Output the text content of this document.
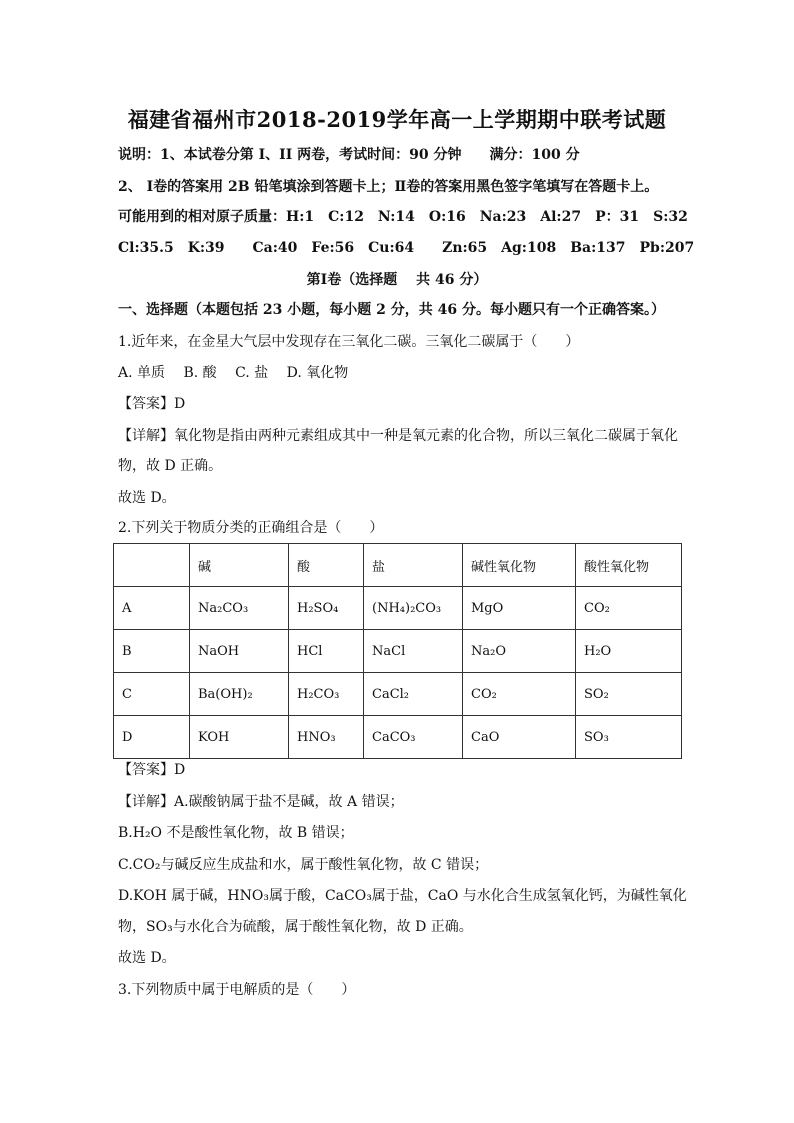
福建省福州市2018-2019学年高一上学期期中联考试题
说明：1、本试卷分第 I、II 两卷，考试时间：90 分钟　　满分：100 分
2、 Ⅰ卷的答案用 2B 铅笔填涂到答题卡上；Ⅱ卷的答案用黑色签字笔填写在答题卡上。
可能用到的相对原子质量：H:1　C:12　N:14　O:16　Na:23　Al:27　P：31　S:32
Cl:35.5　K:39　　Ca:40　Fe:56　Cu:64　　Zn:65　Ag:108　Ba:137　Pb:207
第Ⅰ卷（选择题　 共 46 分）
一、选择题（本题包括 23 小题，每小题 2 分，共 46 分。每小题只有一个正确答案。）
1.近年来，在金星大气层中发现存在三氧化二碳。三氧化二碳属于（　　）
A. 单质　 B. 酸　 C. 盐　 D. 氧化物
【答案】D
【详解】氧化物是指由两种元素组成其中一种是氧元素的化合物，所以三氧化二碳属于氧化
物，故 D 正确。
故选 D。
2.下列关于物质分类的正确组合是（　　）
	碱	酸	盐	碱性氧化物	酸性氧化物
A	Na₂CO₃	H₂SO₄	(NH₄)₂CO₃	MgO	CO₂
B	NaOH	HCl	NaCl	Na₂O	H₂O
C	Ba(OH)₂	H₂CO₃	CaCl₂	CO₂	SO₂
D	KOH	HNO₃	CaCO₃	CaO	SO₃
【答案】D
【详解】A.碳酸钠属于盐不是碱，故 A 错误；
B.H₂O 不是酸性氧化物，故 B 错误；
C.CO₂与碱反应生成盐和水，属于酸性氧化物，故 C 错误；
D.KOH 属于碱，HNO₃属于酸，CaCO₃属于盐，CaO 与水化合生成氢氧化钙，为碱性氧化
物，SO₃与水化合为硫酸，属于酸性氧化物，故 D 正确。
故选 D。
3.下列物质中属于电解质的是（　　）
